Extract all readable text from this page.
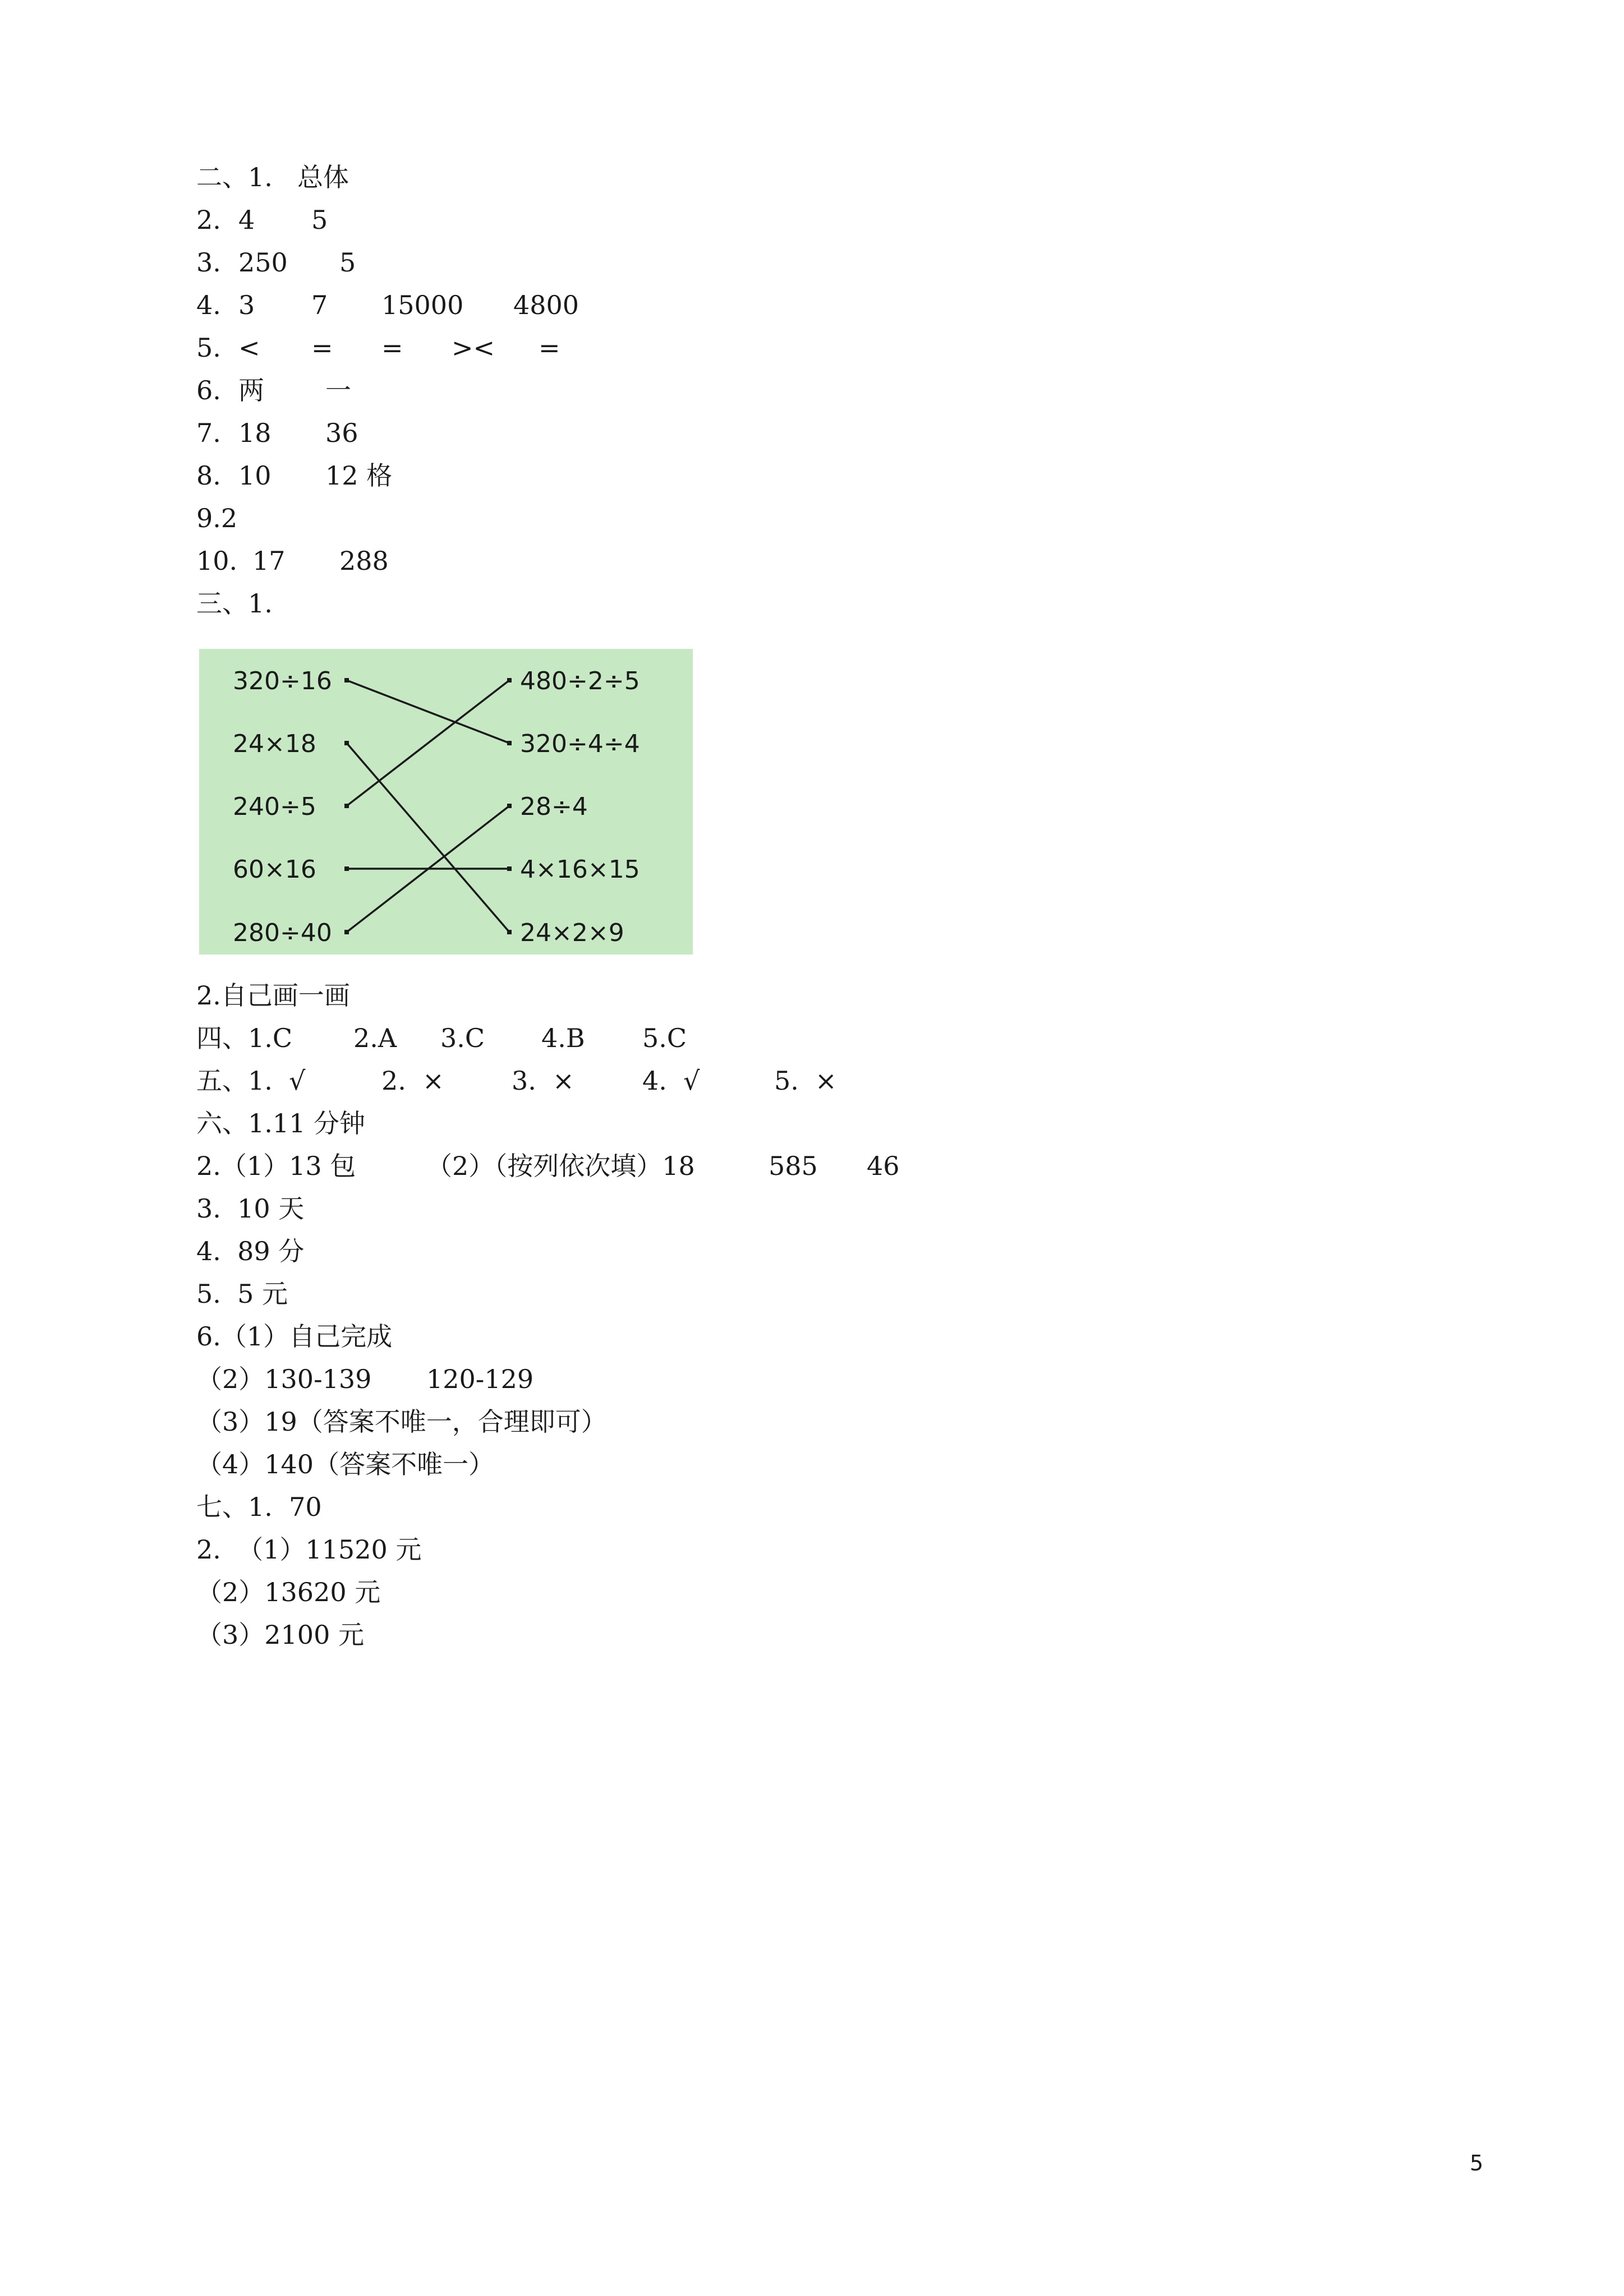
二、1.

总体

2.

4

5

3.

250

5

4.

3

7

15000

4800

5.

<

=

=

><

=

6.

两

一

7.

18

36

8.

10

12 格

9.2

10.

17

288

三、1.

320÷16
24×18
240÷5
60×16
280÷40
480÷2÷5
320÷4÷4
28÷4
4×16×15
24×2×9

2.自己画一画

四、

1.C

2.A

3.C

4.B

5.C

五、

1.  √

	2.  ×

	3.  ×

	4.  √

	5.  ×

六、1.11 分钟

2.（1）13 包

	（2）（按列依次填）18

	585

46

3.  10 天

4.  89 分

5.  5 元

6.（1）自己完成

（2）130-139

120-129

（3）19（答案不唯一，合理即可）

（4）140（答案不唯一）

七、1.  70

2.  （1）11520 元

（2）13620 元

（3）2100 元

5
